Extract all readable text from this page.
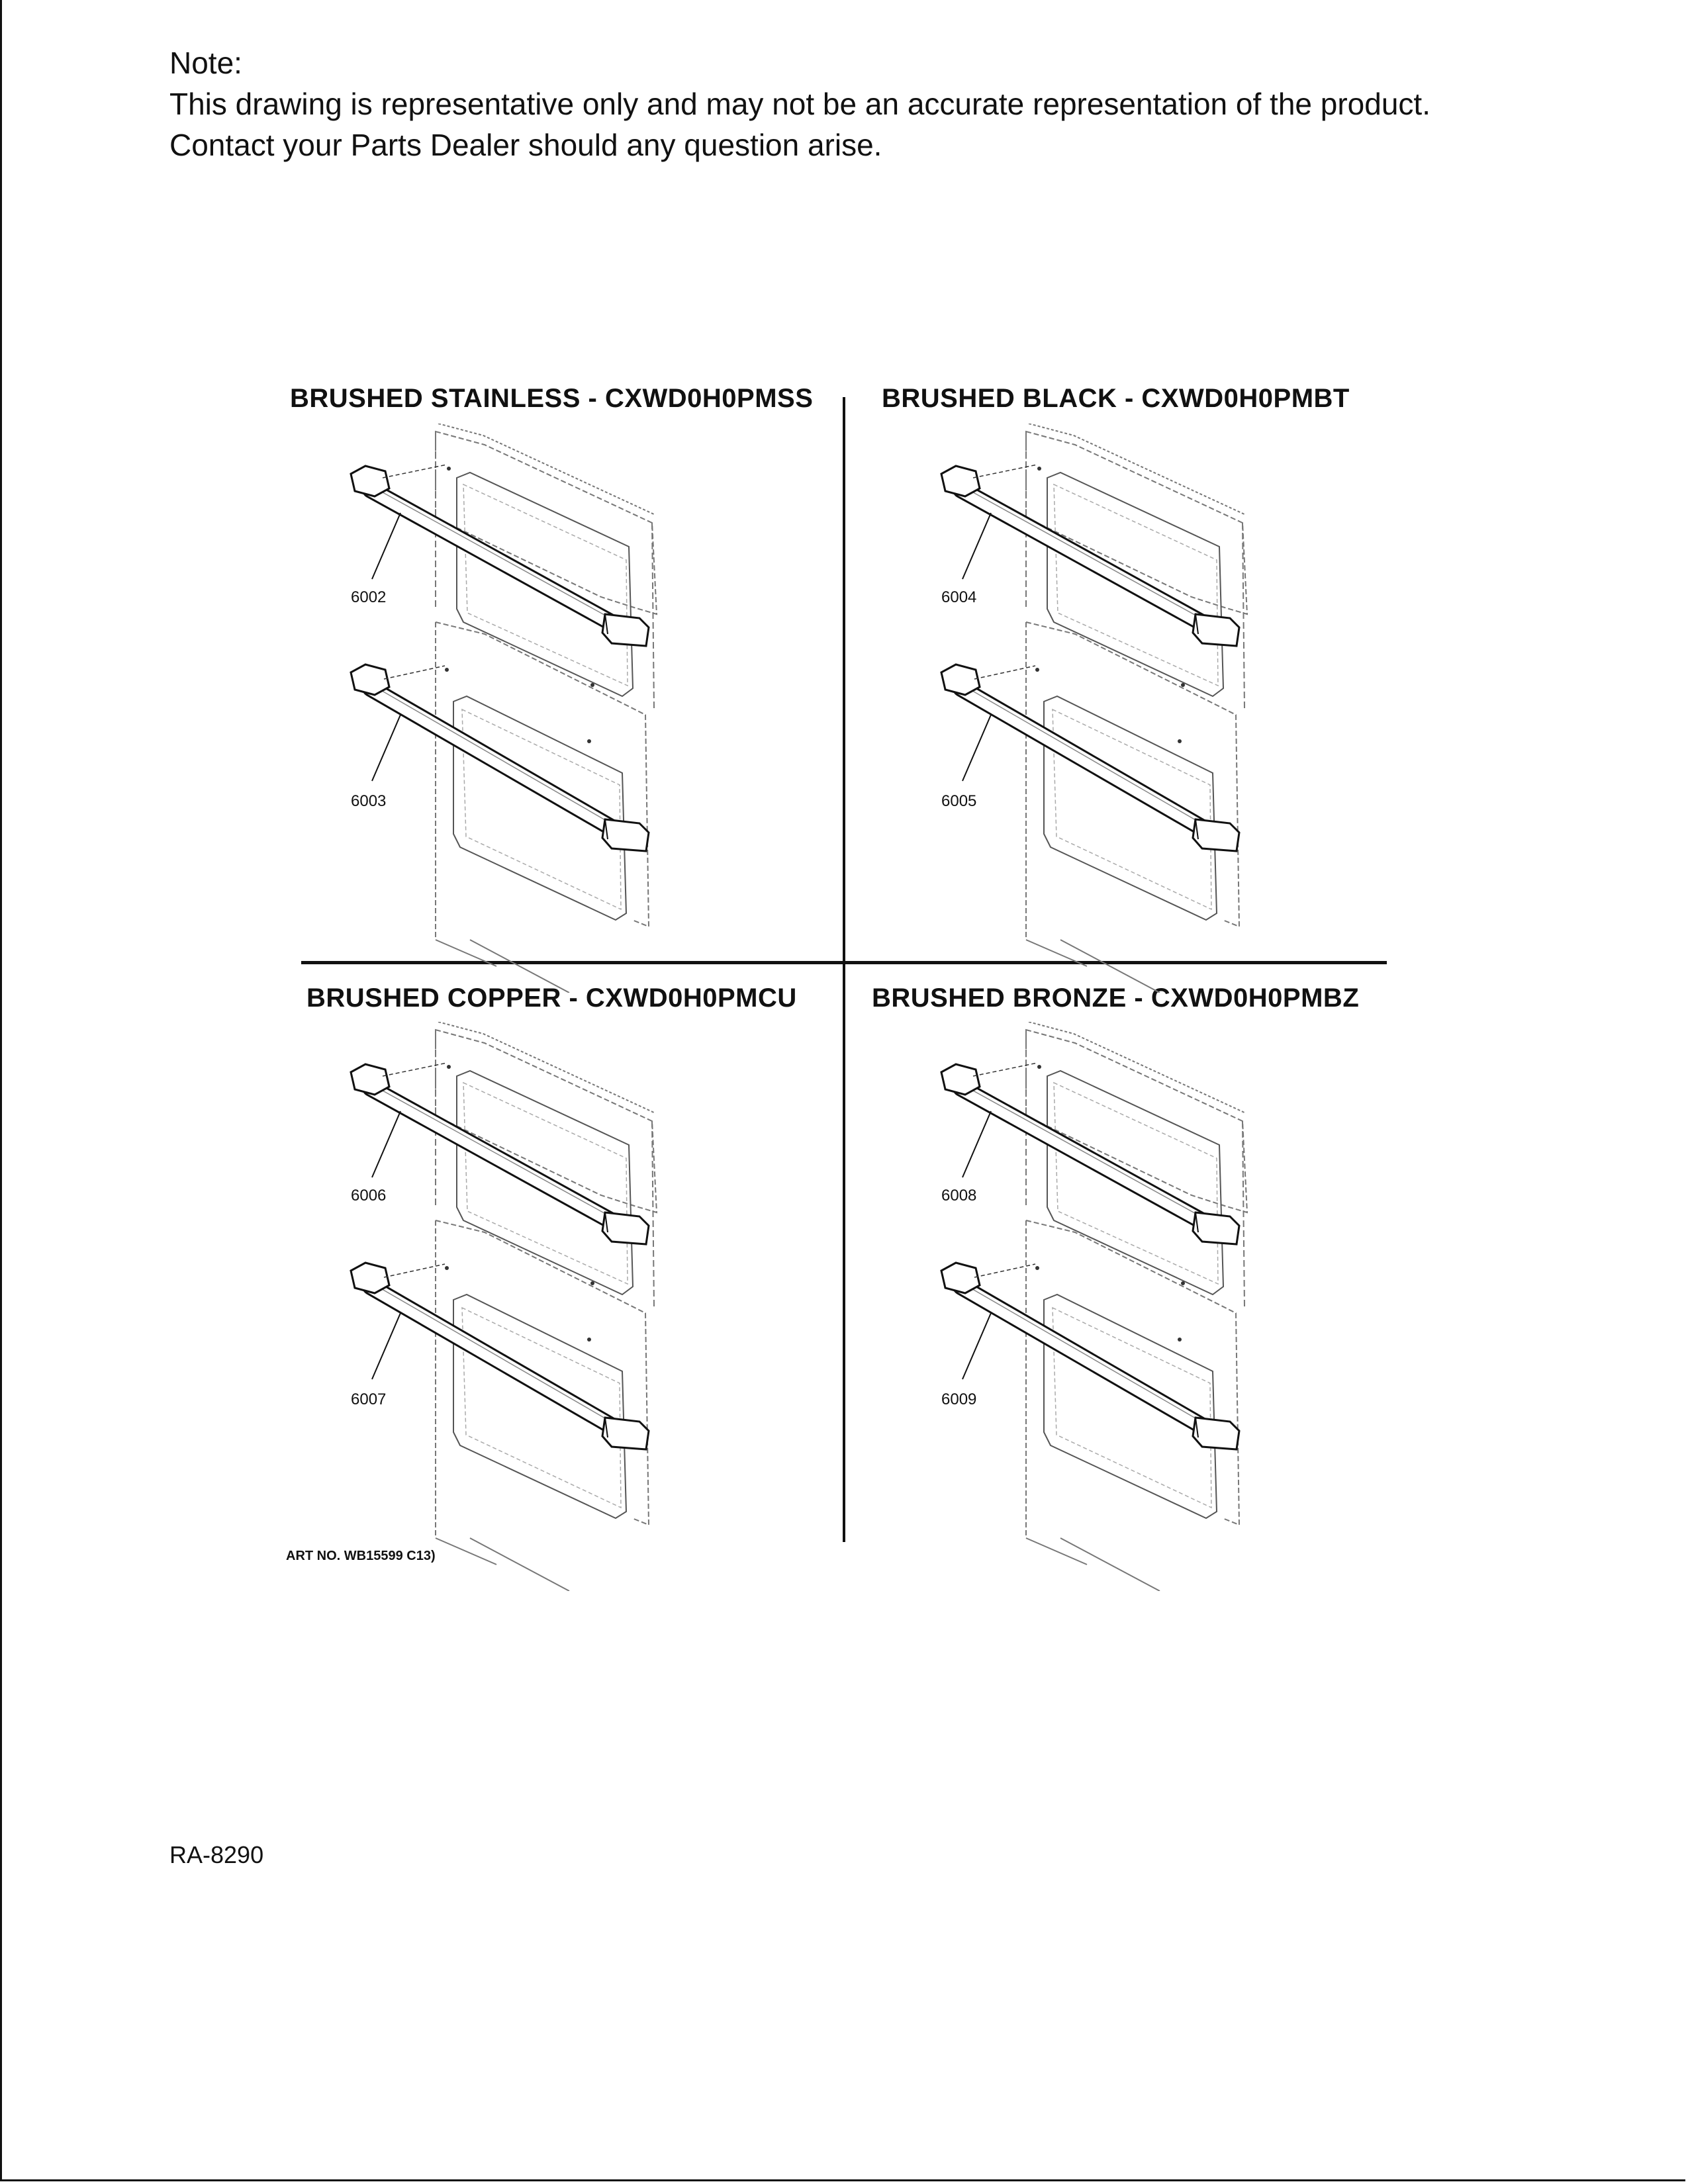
Note:
This drawing is representative only and may not be an accurate representation of the product.
Contact your Parts Dealer should any question arise.
BRUSHED STAINLESS - CXWD0H0PMSS	BRUSHED BLACK - CXWD0H0PMBT
BRUSHED COPPER - CXWD0H0PMCU	BRUSHED BRONZE - CXWD0H0PMBZ
6002
6003
6004
6005
6006
6007
6008
6009
ART NO. WB15599 C13)
RA-8290
